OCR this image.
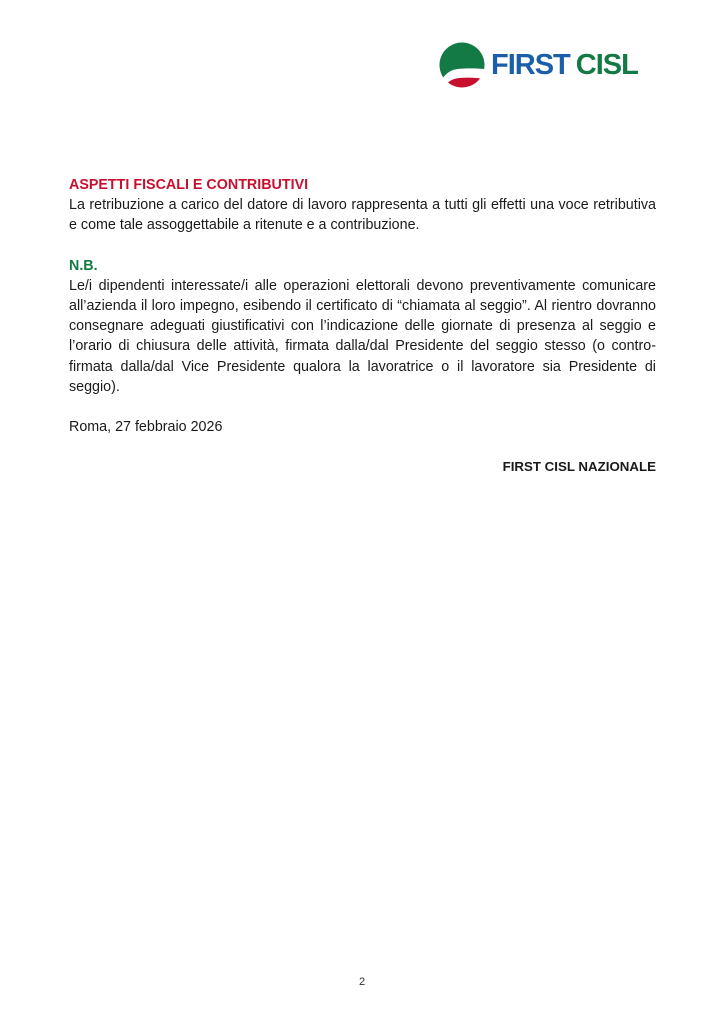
FIRST CISL
ASPETTI FISCALI E CONTRIBUTIVI

La retribuzione a carico del datore di lavoro rappresenta a tutti gli effetti una voce retributiva e come tale assoggettabile a ritenute e a contribuzione.

N.B.

Le/i dipendenti interessate/i alle operazioni elettorali devono preventivamente comunicare all’azienda il loro impegno, esibendo il certificato di “chiamata al seggio”. Al rientro dovranno consegnare adeguati giustificativi con l’indicazione delle giornate di presenza al seggio e l’orario di chiusura delle attività, firmata dalla/dal Presidente del seggio stesso (o contro-firmata dalla/dal Vice Presidente qualora la lavoratrice o il lavoratore sia Presidente di seggio).

Roma, 27 febbraio 2026
FIRST CISL NAZIONALE
2
